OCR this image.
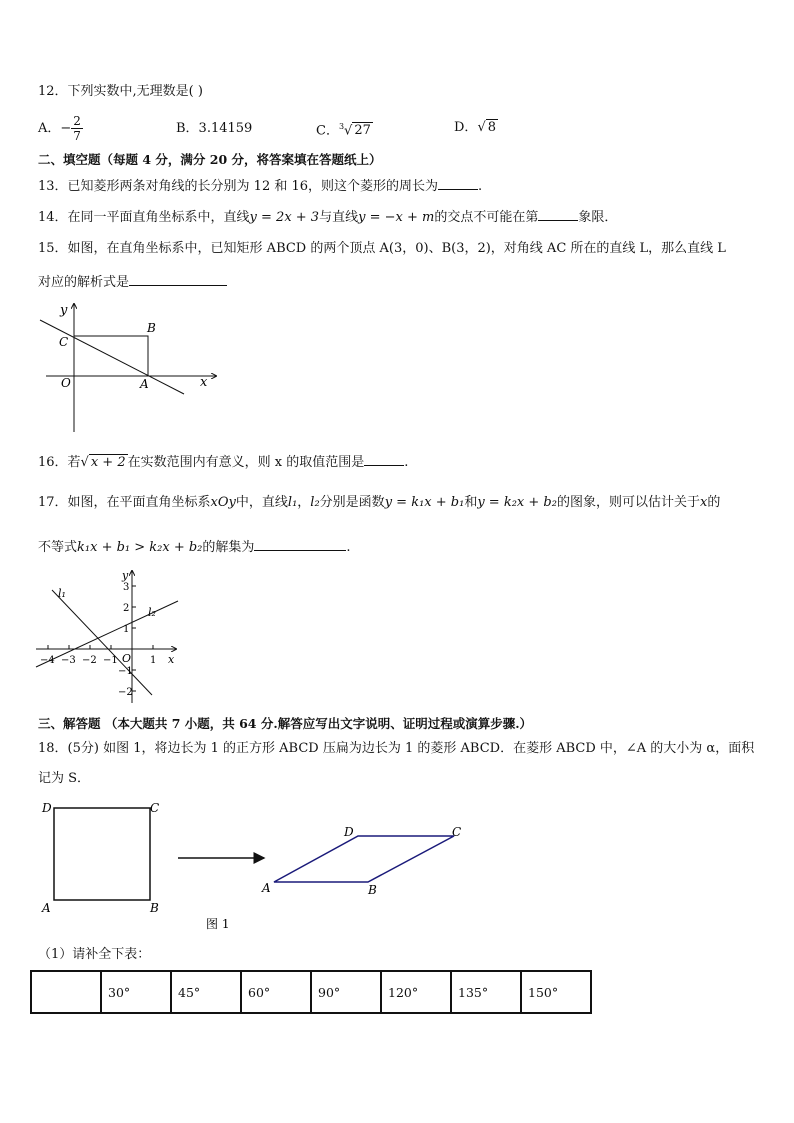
12．下列实数中,无理数是( )
A．− $\frac{2}{7}$	B．3.14159	C．$^3$√ 27	D．√ 8
二、填空题（每题 4 分，满分 20 分，将答案填在答题纸上）
13．已知菱形两条对角线的长分别为 12 和 16，则这个菱形的周长为	.
14．在同一平面直角坐标系中，直线y = 2x + 3与直线y = −x + m的交点不可能在第	象限．
15．如图，在直角坐标系中，已知矩形 ABCD 的两个顶点 A(3，0)、B(3，2)，对角线 AC 所在的直线 L，那么直线 L
对应的解析式是
y
x
B
C
O	A
16．若√ x + 2 在实数范围内有意义，则 x 的取值范围是	.
17．如图，在平面直角坐标系xOy中，直线l₁，l₂分别是函数y = k₁x + b₁和y = k₂x + b₂的图象，则可以估计关于x的
不等式k₁x + b₁ > k₂x + b₂的解集为	.
y
x
O
l₁
l₂
−4 −3 −2 −1	1
3
2
1
−1
−2
三、解答题 （本大题共 7 小题，共 64 分.解答应写出文字说明、证明过程或演算步骤.）
18．(5分) 如图 1，将边长为 1 的正方形 ABCD 压扁为边长为 1 的菱形 ABCD．在菱形 ABCD 中，∠A 的大小为 α，面积
记为 S．
D	C
A	B
D	C
A	B
图 1
（1）请补全下表：
	30°	45°	60°	90°	120°	135°	150°
